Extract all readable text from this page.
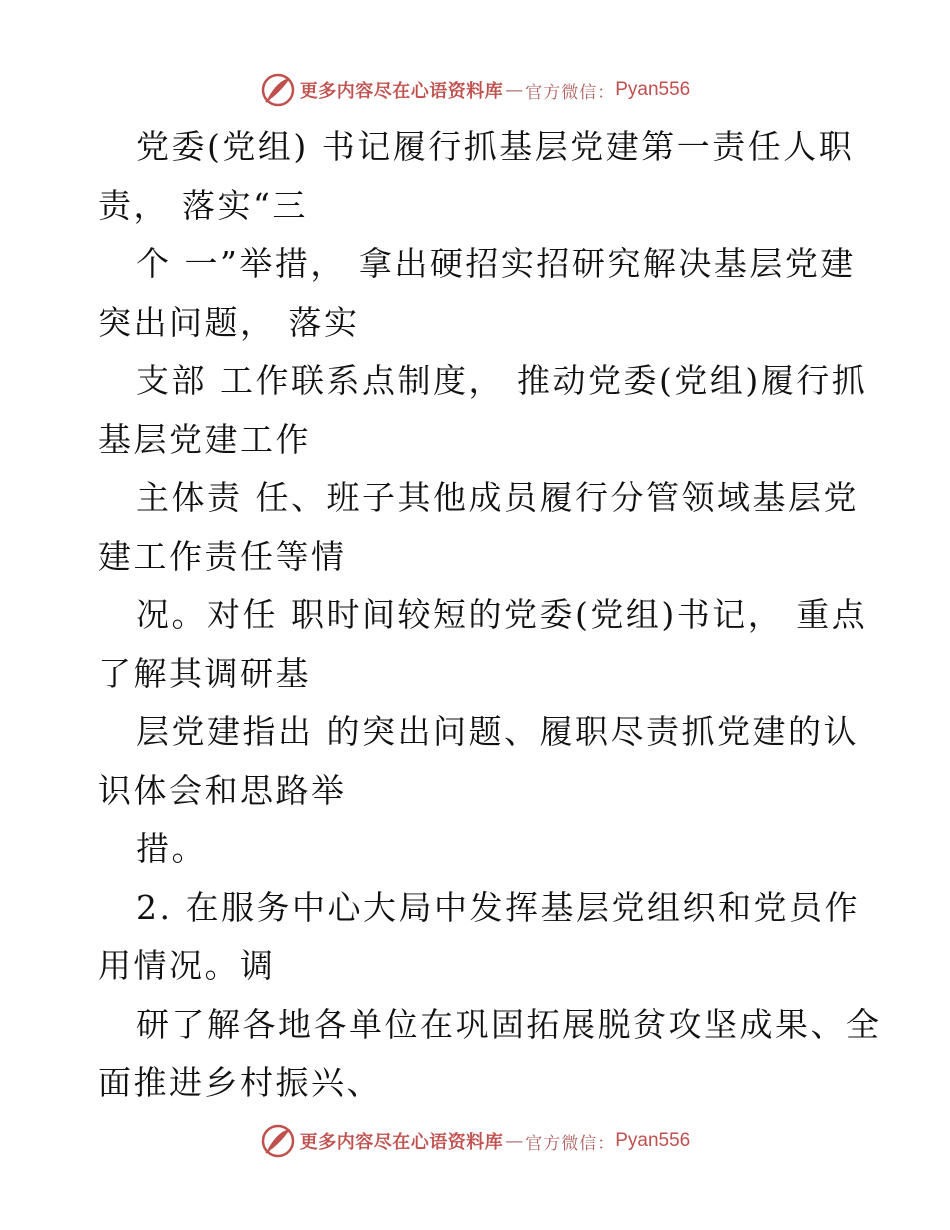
更多内容尽在心语资料库 — 官方微信： Pyan556
党委(党组) 书记履行抓基层党建第一责任人职
责， 落实“三
个 一”举措， 拿出硬招实招研究解决基层党建
突出问题， 落实
支部 工作联系点制度， 推动党委(党组)履行抓
基层党建工作
主体责 任、班子其他成员履行分管领域基层党
建工作责任等情
况。对任 职时间较短的党委(党组)书记， 重点
了解其调研基
层党建指出 的突出问题、履职尽责抓党建的认
识体会和思路举
措。
2. 在服务中心大局中发挥基层党组织和党员作
用情况。调
研了解各地各单位在巩固拓展脱贫攻坚成果、全
面推进乡村振兴、
更多内容尽在心语资料库 — 官方微信： Pyan556
